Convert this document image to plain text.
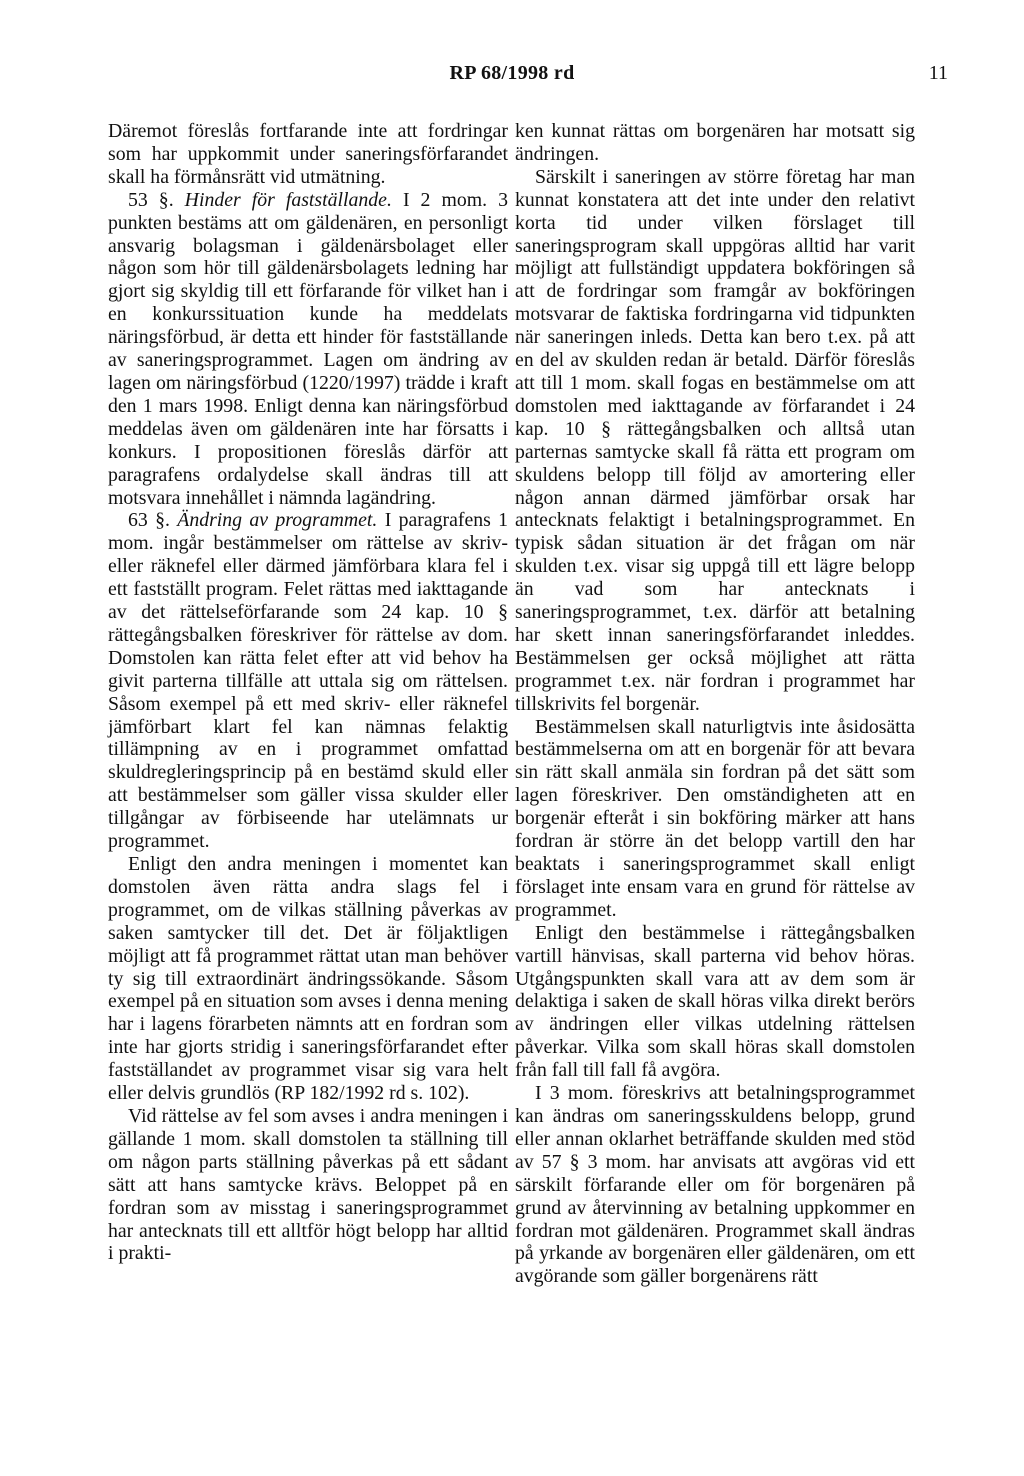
RP 68/1998 rd	11

Däremot föreslås fortfarande inte att fordringar som har uppkommit under saneringsförfarandet skall ha förmånsrätt vid utmätning.

53 §. Hinder för fastställande. I 2 mom. 3 punkten bestäms att om gäldenären, en personligt ansvarig bolagsman i gäldenärsbolaget eller någon som hör till gäldenärsbolagets ledning har gjort sig skyldig till ett förfarande för vilket han i en konkurssituation kunde ha meddelats näringsförbud, är detta ett hinder för fastställande av saneringsprogrammet. Lagen om ändring av lagen om näringsförbud (1220/1997) trädde i kraft den 1 mars 1998. Enligt denna kan näringsförbud meddelas även om gäldenären inte har försatts i konkurs. I propositionen föreslås därför att paragrafens ordalydelse skall ändras till att motsvara innehållet i nämnda lagändring.

63 §. Ändring av programmet. I paragrafens 1 mom. ingår bestämmelser om rättelse av skriv- eller räknefel eller därmed jämförbara klara fel i ett fastställt program. Felet rättas med iakttagande av det rättelseförfarande som 24 kap. 10 § rättegångsbalken föreskriver för rättelse av dom. Domstolen kan rätta felet efter att vid behov ha givit parterna tillfälle att uttala sig om rättelsen. Såsom exempel på ett med skriv- eller räknefel jämförbart klart fel kan nämnas felaktig tillämpning av en i programmet omfattad skuldregleringsprincip på en bestämd skuld eller att bestämmelser som gäller vissa skulder eller tillgångar av förbiseende har utelämnats ur programmet.

Enligt den andra meningen i momentet kan domstolen även rätta andra slags fel i programmet, om de vilkas ställning påverkas av saken samtycker till det. Det är följaktligen möjligt att få programmet rättat utan man behöver ty sig till extraordinärt ändringssökande. Såsom exempel på en situation som avses i denna mening har i lagens förarbeten nämnts att en fordran som inte har gjorts stridig i saneringsförfarandet efter fastställandet av programmet visar sig vara helt eller delvis grundlös (RP 182/1992 rd s. 102).

Vid rättelse av fel som avses i andra meningen i gällande 1 mom. skall domstolen ta ställning till om någon parts ställning påverkas på ett sådant sätt att hans samtycke krävs. Beloppet på en fordran som av misstag i saneringsprogrammet har antecknats till ett alltför högt belopp har alltid i prakti-

ken kunnat rättas om borgenären har motsatt sig ändringen.

Särskilt i saneringen av större företag har man kunnat konstatera att det inte under den relativt korta tid under vilken förslaget till saneringsprogram skall uppgöras alltid har varit möjligt att fullständigt uppdatera bokföringen så att de fordringar som framgår av bokföringen motsvarar de faktiska fordringarna vid tidpunkten när saneringen inleds. Detta kan bero t.ex. på att en del av skulden redan är betald. Därför föreslås att till 1 mom. skall fogas en bestämmelse om att domstolen med iakttagande av förfarandet i 24 kap. 10 § rättegångsbalken och alltså utan parternas samtycke skall få rätta ett program om skuldens belopp till följd av amortering eller någon annan därmed jämförbar orsak har antecknats felaktigt i betalningsprogrammet. En typisk sådan situation är det frågan om när skulden t.ex. visar sig uppgå till ett lägre belopp än vad som har antecknats i saneringsprogrammet, t.ex. därför att betalning har skett innan saneringsförfarandet inleddes. Bestämmelsen ger också möjlighet att rätta programmet t.ex. när fordran i programmet har tillskrivits fel borgenär.

Bestämmelsen skall naturligtvis inte åsidosätta bestämmelserna om att en borgenär för att bevara sin rätt skall anmäla sin fordran på det sätt som lagen föreskriver. Den omständigheten att en borgenär efteråt i sin bokföring märker att hans fordran är större än det belopp vartill den har beaktats i saneringsprogrammet skall enligt förslaget inte ensam vara en grund för rättelse av programmet.

Enligt den bestämmelse i rättegångsbalken vartill hänvisas, skall parterna vid behov höras. Utgångspunkten skall vara att av dem som är delaktiga i saken de skall höras vilka direkt berörs av ändringen eller vilkas utdelning rättelsen påverkar. Vilka som skall höras skall domstolen från fall till fall få avgöra.

I 3 mom. föreskrivs att betalningsprogrammet kan ändras om saneringsskuldens belopp, grund eller annan oklarhet beträffande skulden med stöd av 57 § 3 mom. har anvisats att avgöras vid ett särskilt förfarande eller om för borgenären på grund av återvinning av betalning uppkommer en fordran mot gäldenären. Programmet skall ändras på yrkande av borgenären eller gäldenären, om ett avgörande som gäller borgenärens rätt
